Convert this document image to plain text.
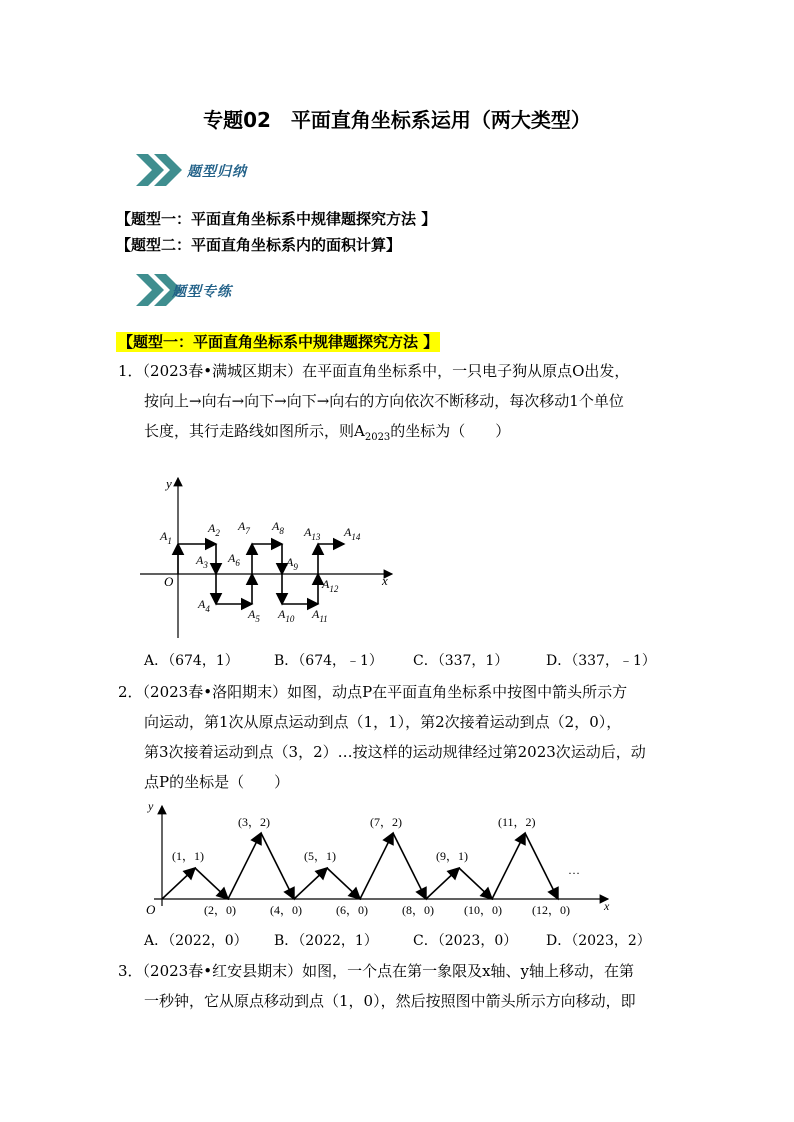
专题02　平面直角坐标系运用（两大类型）
题型归纳
【题型一：平面直角坐标系中规律题探究方法 】
【题型二：平面直角坐标系内的面积计算】
题型专练
【题型一：平面直角坐标系中规律题探究方法 】
1．（2023春•满城区期末）在平面直角坐标系中，一只电子狗从原点O出发，
按向上→向右→向下→向下→向右的方向依次不断移动，每次移动1个单位
长度，其行走路线如图所示，则$A_{2023}$的坐标为（　　）
x
y
O
$A_1$
$A_2$
$A_3$
$A_4$	$A_5$
$A_6$
$A_7$ $A_8$
$A_9$
$A_{10}$ $A_{11}$
$A_{12}$
$A_{13}$ $A_{14}$
A．（674，1）	B．（674，﹣1） C．（337，1）	D．（337，﹣1）
2．（2023春•洛阳期末）如图，动点P在平面直角坐标系中按图中箭头所示方
向运动，第1次从原点运动到点（1，1），第2次接着运动到点（2，0），
第3次接着运动到点（3，2）…按这样的运动规律经过第2023次运动后，动
点P的坐标是（　　）
x
y
O
(1，1)
(3，2)
(5，1)
(7，2)
(9，1)
(11，2)
(2，0)	(4，0)	(6，0)	(8，0)	(10，0)	(12，0)
…
A．（2022，0） B．（2022，1）	C．（2023，0） D．（2023，2）
3．（2023春•红安县期末）如图，一个点在第一象限及x轴、y轴上移动，在第
一秒钟，它从原点移动到点（1，0），然后按照图中箭头所示方向移动，即
